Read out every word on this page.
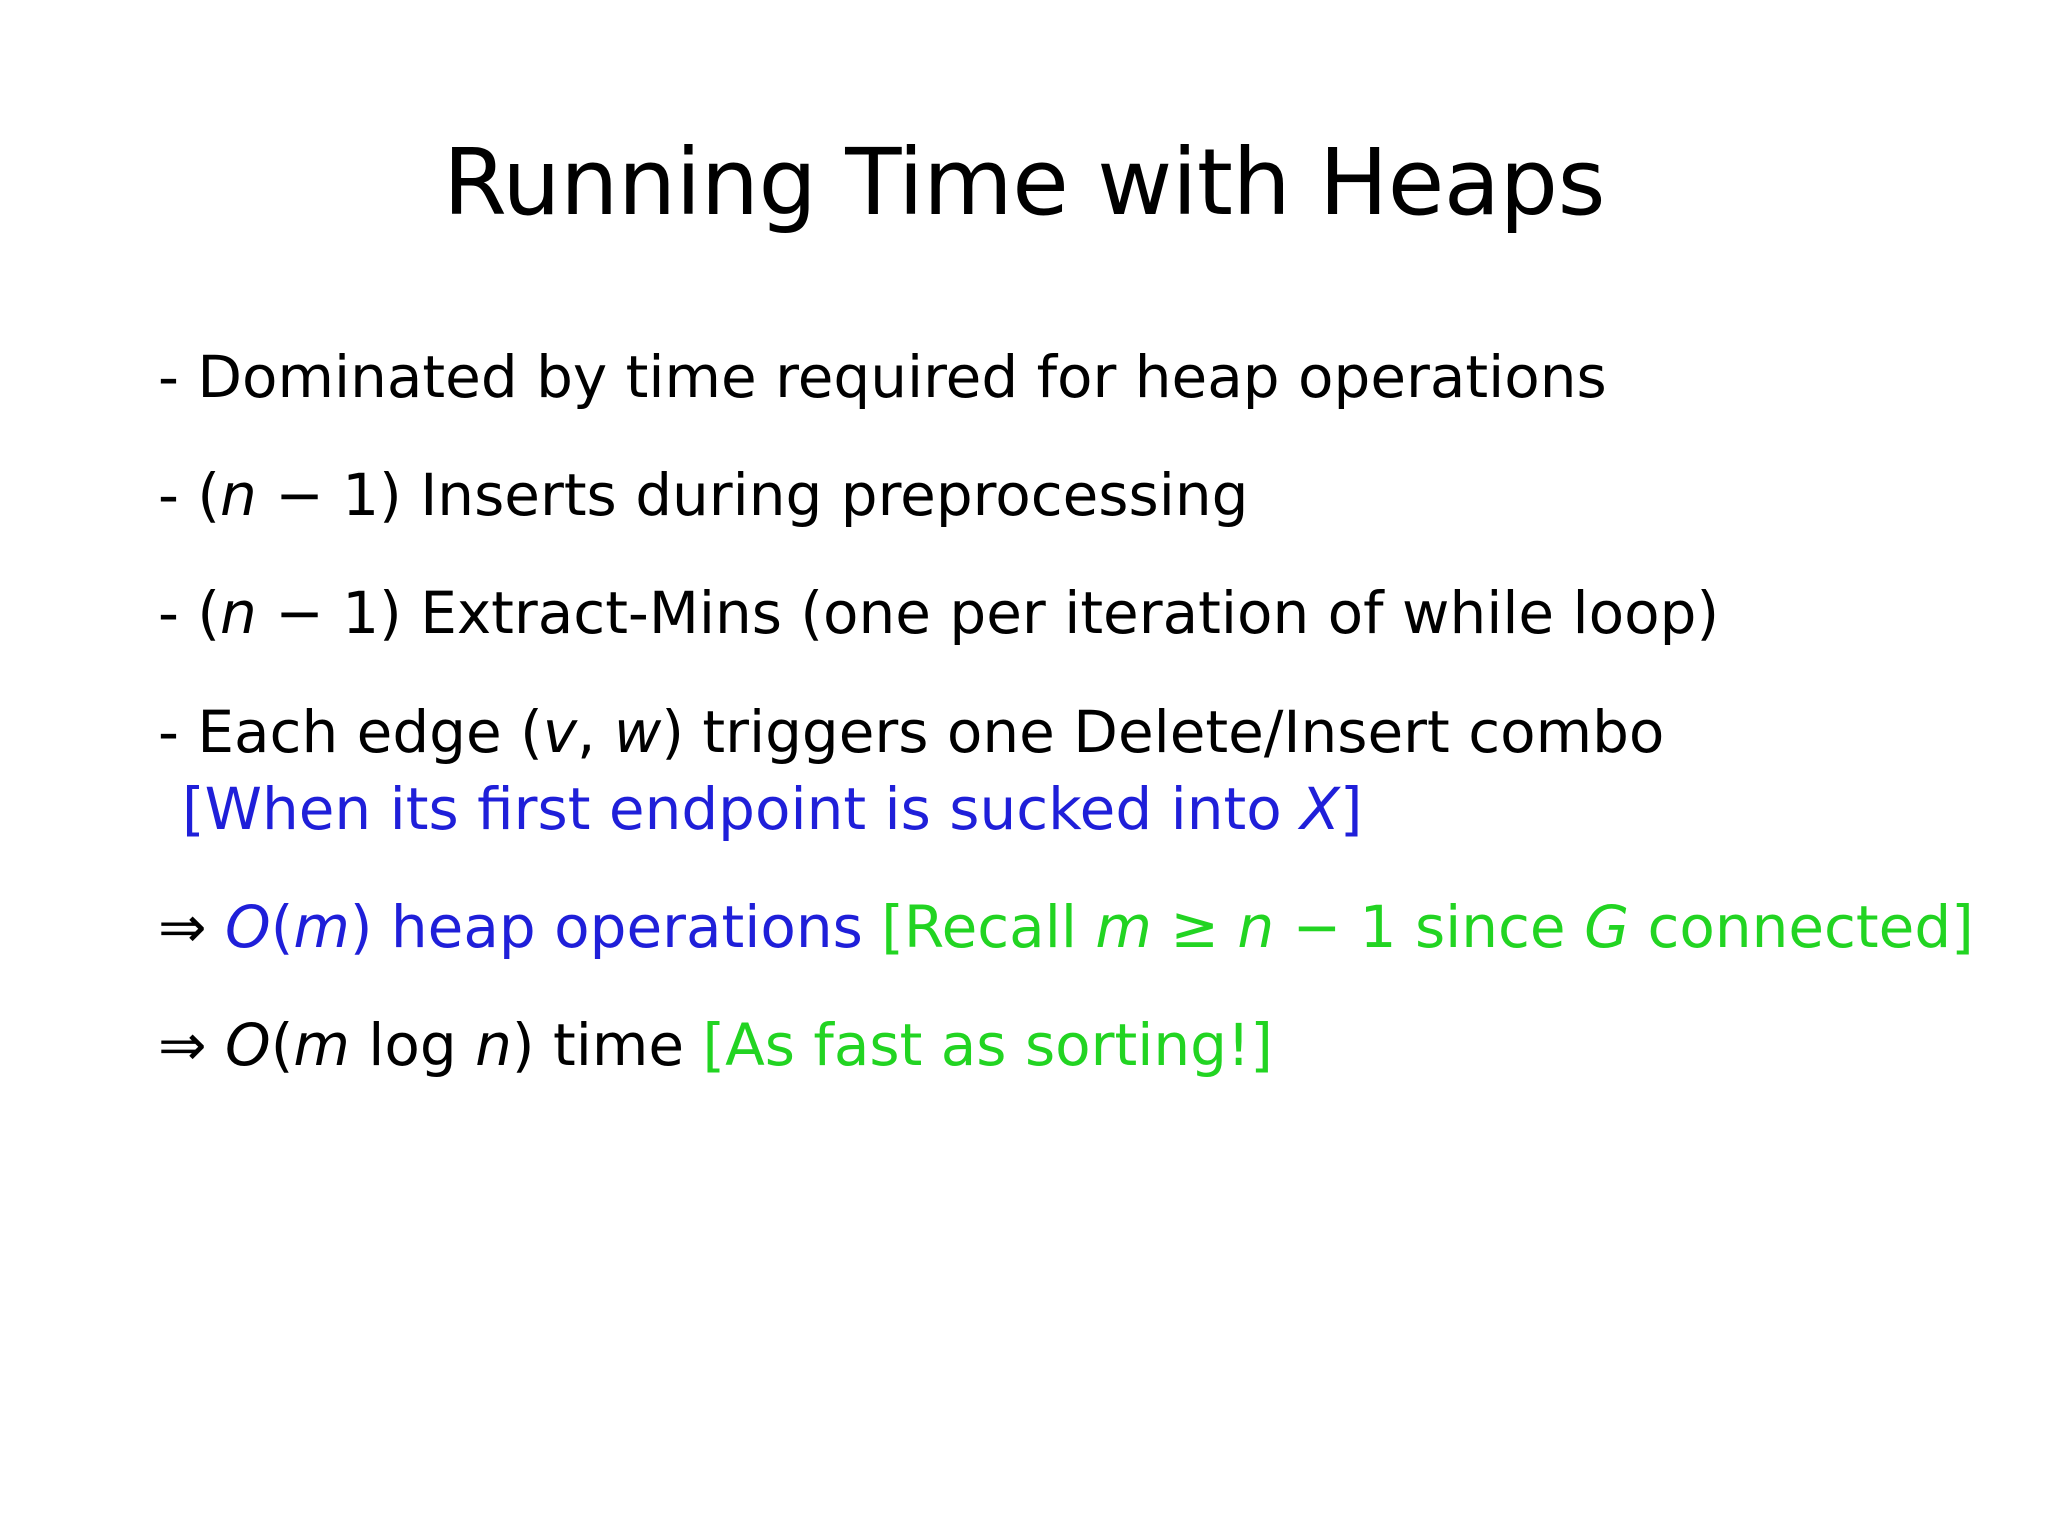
Running Time with Heaps
- Dominated by time required for heap operations
- (n − 1) Inserts during preprocessing
- (n − 1) Extract-Mins (one per iteration of while loop)
- Each edge (v, w) triggers one Delete/Insert combo
[When its first endpoint is sucked into X]
⇒ O(m) heap operations [Recall m ≥ n − 1 since G connected]
⇒ O(m log n) time [As fast as sorting!]
